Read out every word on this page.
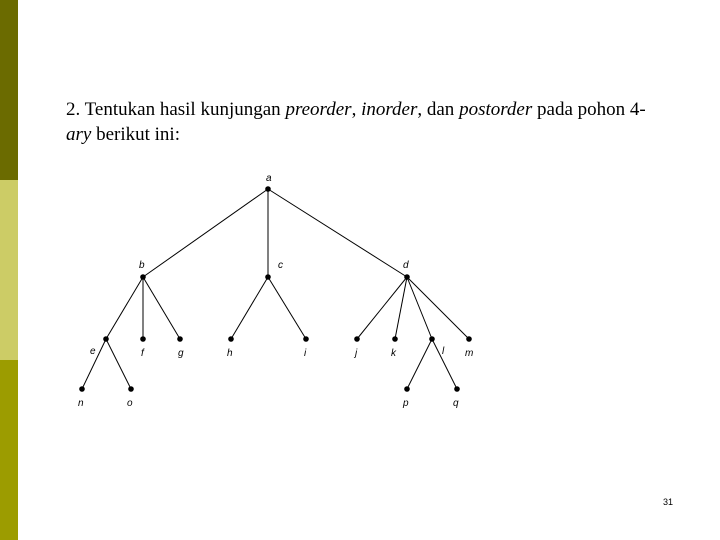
2. Tentukan hasil kunjungan preorder, inorder, dan postorder pada pohon 4-
ary berikut ini:
a
b	c	d
e	f	g	h	i	j	k	l m
n	o	p	q
31
